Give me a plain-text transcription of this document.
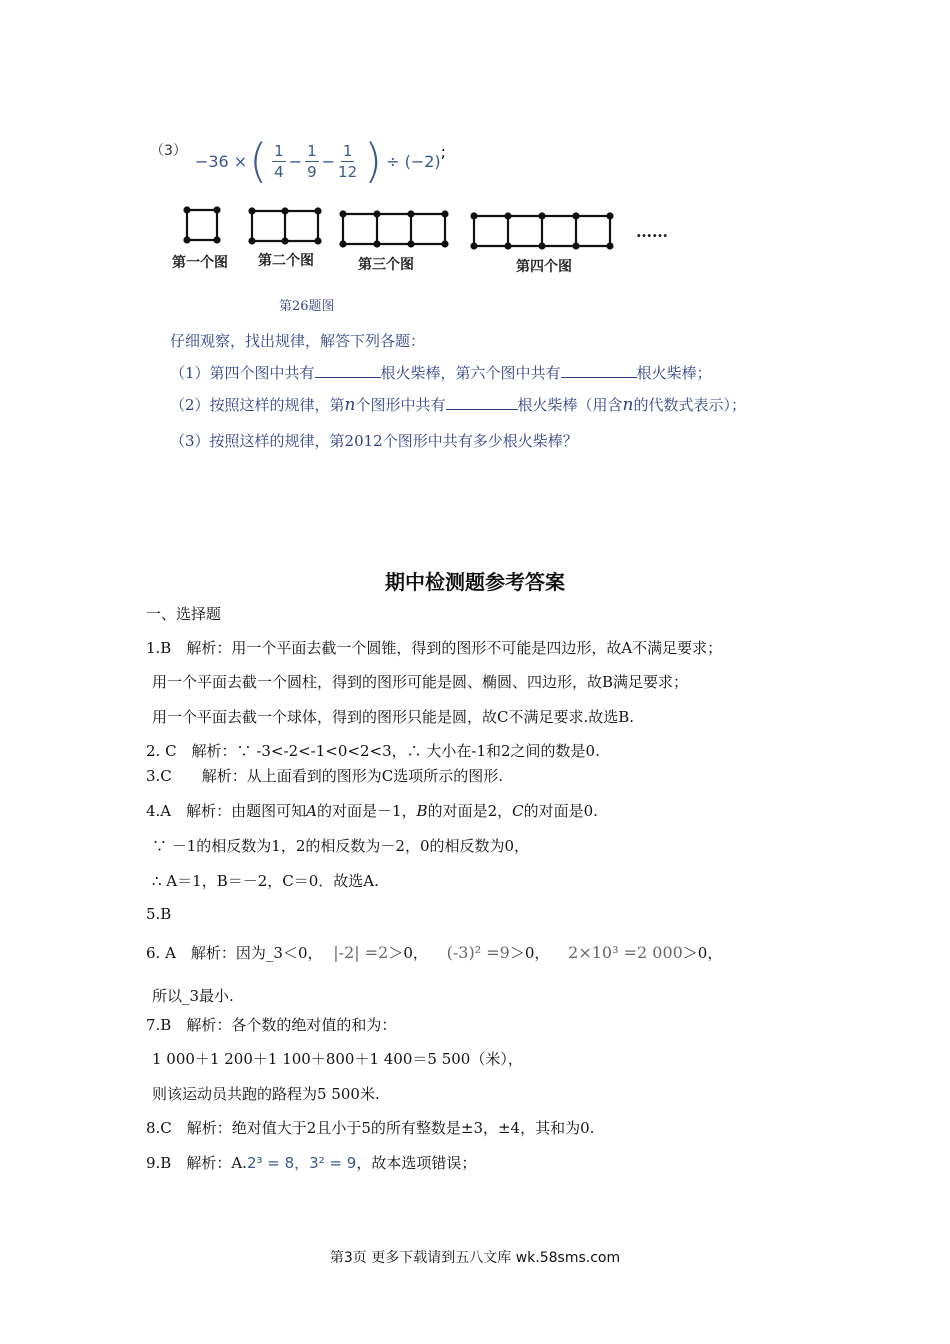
（3）
−36 × ( $\frac{1}{4} - \frac{1}{9} - \frac{1}{12}$ ) ÷ (−2) ;
第一个图 第二个图	第三个图	第四个图
……
第26题图
仔细观察，找出规律，解答下列各题：
（1）第四个图中共有	根火柴棒，第六个图中共有	根火柴棒；
（2）按照这样的规律，第n个图形中共有	根火柴棒（用含n的代数式表示）；
（3）按照这样的规律，第2012个图形中共有多少根火柴棒？
期中检测题参考答案
一、选择题
1.B　解析：用一个平面去截一个圆锥，得到的图形不可能是四边形，故A不满足要求；
用一个平面去截一个圆柱，得到的图形可能是圆、椭圆、四边形，故B满足要求；
用一个平面去截一个球体，得到的图形只能是圆，故C不满足要求.故选B.
2. C　解析：∵ -3<-2<-1<0<2<3，∴ 大小在-1和2之间的数是0.
3.C　　解析：从上面看到的图形为C选项所示的图形.
4.A　解析：由题图可知A的对面是－1，B的对面是2，C的对面是0.
∵ －1的相反数为1，2的相反数为－2，0的相反数为0，
∴ A＝1，B＝－2，C＝0．故选A.
5.B
6. A　解析：因为_3＜0， |-2| =2＞0， (-3)² =9＞0， 2×10³ =2 000＞0，
所以_3最小.
7.B　解析：各个数的绝对值的和为：
1 000＋1 200＋1 100＋800＋1 400＝5 500（米），
则该运动员共跑的路程为5 500米.
8.C　解析：绝对值大于2且小于5的所有整数是±3，±4，其和为0.
9.B　解析：A.2³ = 8，3² = 9，故本选项错误；
第3页 更多下载请到五八文库 wk.58sms.com
